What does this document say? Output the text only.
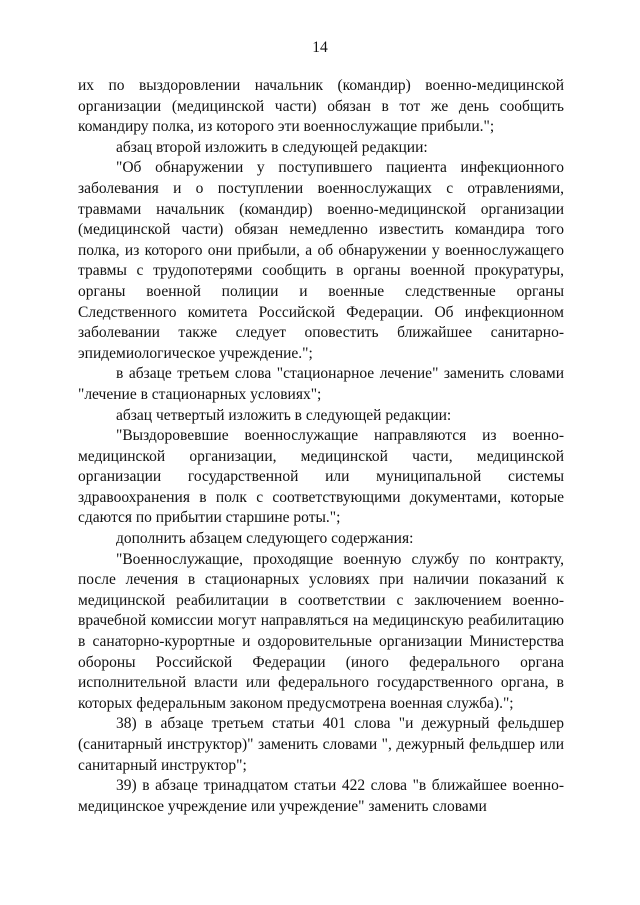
14

их по выздоровлении начальник (командир) военно-медицинской организации (медицинской части) обязан в тот же день сообщить командиру полка, из которого эти военнослужащие прибыли.";

абзац второй изложить в следующей редакции:

"Об обнаружении у поступившего пациента инфекционного заболевания и о поступлении военнослужащих с отравлениями, травмами начальник (командир) военно-медицинской организации (медицинской части) обязан немедленно известить командира того полка, из которого они прибыли, а об обнаружении у военнослужащего травмы с трудопотерями сообщить в органы военной прокуратуры, органы военной полиции и военные следственные органы Следственного комитета Российской Федерации. Об инфекционном заболевании также следует оповестить ближайшее санитарно-эпидемиологическое учреждение.";

в абзаце третьем слова "стационарное лечение" заменить словами "лечение в стационарных условиях";

абзац четвертый изложить в следующей редакции:

"Выздоровевшие военнослужащие направляются из военно-медицинской организации, медицинской части, медицинской организации государственной или муниципальной системы здравоохранения в полк с соответствующими документами, которые сдаются по прибытии старшине роты.";

дополнить абзацем следующего содержания:

"Военнослужащие, проходящие военную службу по контракту, после лечения в стационарных условиях при наличии показаний к медицинской реабилитации в соответствии с заключением военно-врачебной комиссии могут направляться на медицинскую реабилитацию в санаторно-курортные и оздоровительные организации Министерства обороны Российской Федерации (иного федерального органа исполнительной власти или федерального государственного органа, в которых федеральным законом предусмотрена военная служба).";

38) в абзаце третьем статьи 401 слова "и дежурный фельдшер (санитарный инструктор)" заменить словами ", дежурный фельдшер или санитарный инструктор";

39) в абзаце тринадцатом статьи 422 слова "в ближайшее военно-медицинское учреждение или учреждение" заменить словами
